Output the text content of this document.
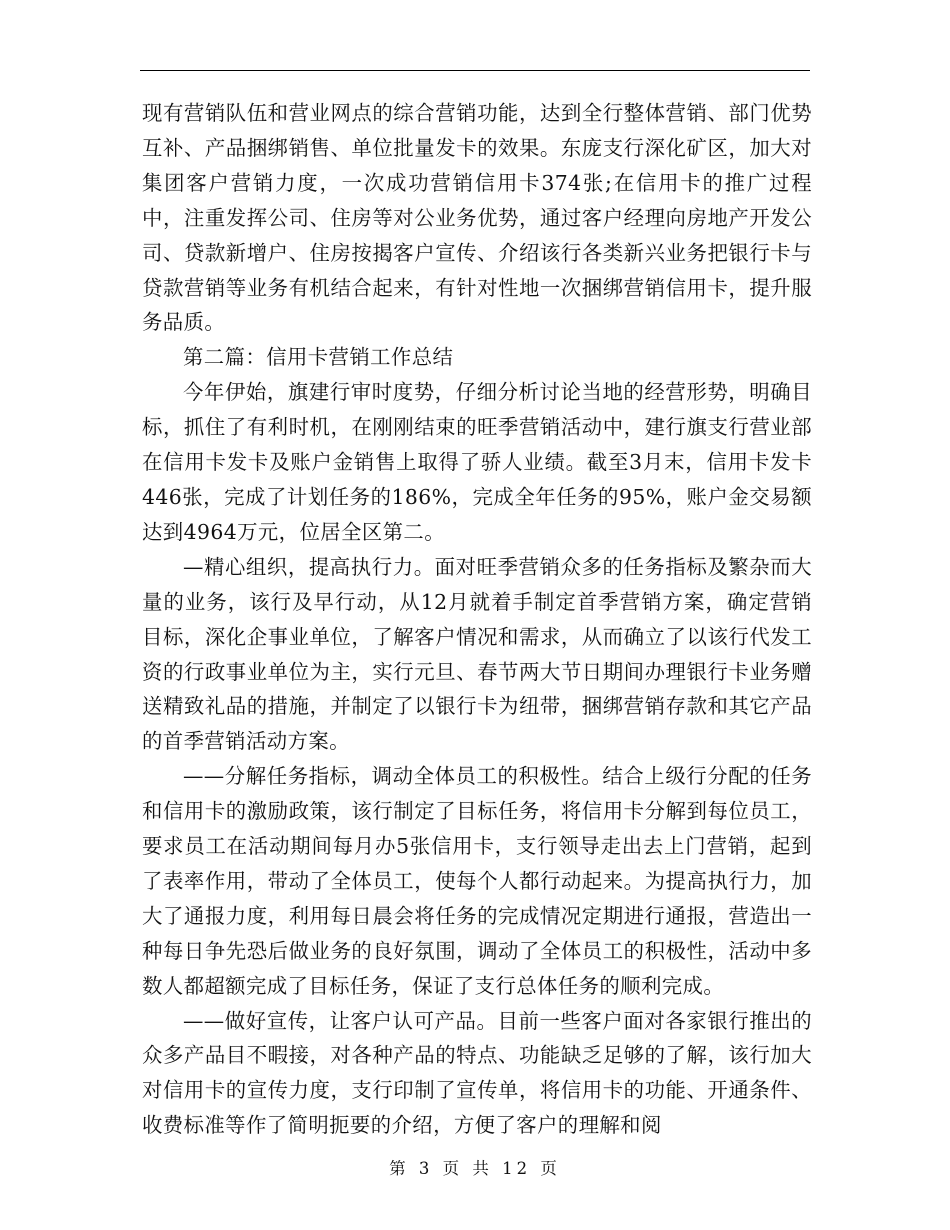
现有营销队伍和营业网点的综合营销功能，达到全行整体营销、部门优势互补、产品捆绑销售、单位批量发卡的效果。东庞支行深化矿区，加大对集团客户营销力度，一次成功营销信用卡374张;在信用卡的推广过程中，注重发挥公司、住房等对公业务优势，通过客户经理向房地产开发公司、贷款新增户、住房按揭客户宣传、介绍该行各类新兴业务把银行卡与贷款营销等业务有机结合起来，有针对性地一次捆绑营销信用卡，提升服务品质。

第二篇：信用卡营销工作总结

今年伊始，旗建行审时度势，仔细分析讨论当地的经营形势，明确目标，抓住了有利时机，在刚刚结束的旺季营销活动中，建行旗支行营业部在信用卡发卡及账户金销售上取得了骄人业绩。截至3月末，信用卡发卡446张，完成了计划任务的186%，完成全年任务的95%，账户金交易额达到4964万元，位居全区第二。

—精心组织，提高执行力。面对旺季营销众多的任务指标及繁杂而大量的业务，该行及早行动，从12月就着手制定首季营销方案，确定营销目标，深化企事业单位，了解客户情况和需求，从而确立了以该行代发工资的行政事业单位为主，实行元旦、春节两大节日期间办理银行卡业务赠送精致礼品的措施，并制定了以银行卡为纽带，捆绑营销存款和其它产品的首季营销活动方案。

——分解任务指标，调动全体员工的积极性。结合上级行分配的任务和信用卡的激励政策，该行制定了目标任务，将信用卡分解到每位员工，要求员工在活动期间每月办5张信用卡，支行领导走出去上门营销，起到了表率作用，带动了全体员工，使每个人都行动起来。为提高执行力，加大了通报力度，利用每日晨会将任务的完成情况定期进行通报，营造出一种每日争先恐后做业务的良好氛围，调动了全体员工的积极性，活动中多数人都超额完成了目标任务，保证了支行总体任务的顺利完成。

——做好宣传，让客户认可产品。目前一些客户面对各家银行推出的众多产品目不暇接，对各种产品的特点、功能缺乏足够的了解，该行加大对信用卡的宣传力度，支行印制了宣传单，将信用卡的功能、开通条件、收费标准等作了简明扼要的介绍，方便了客户的理解和阅

第 3 页 共 12 页
